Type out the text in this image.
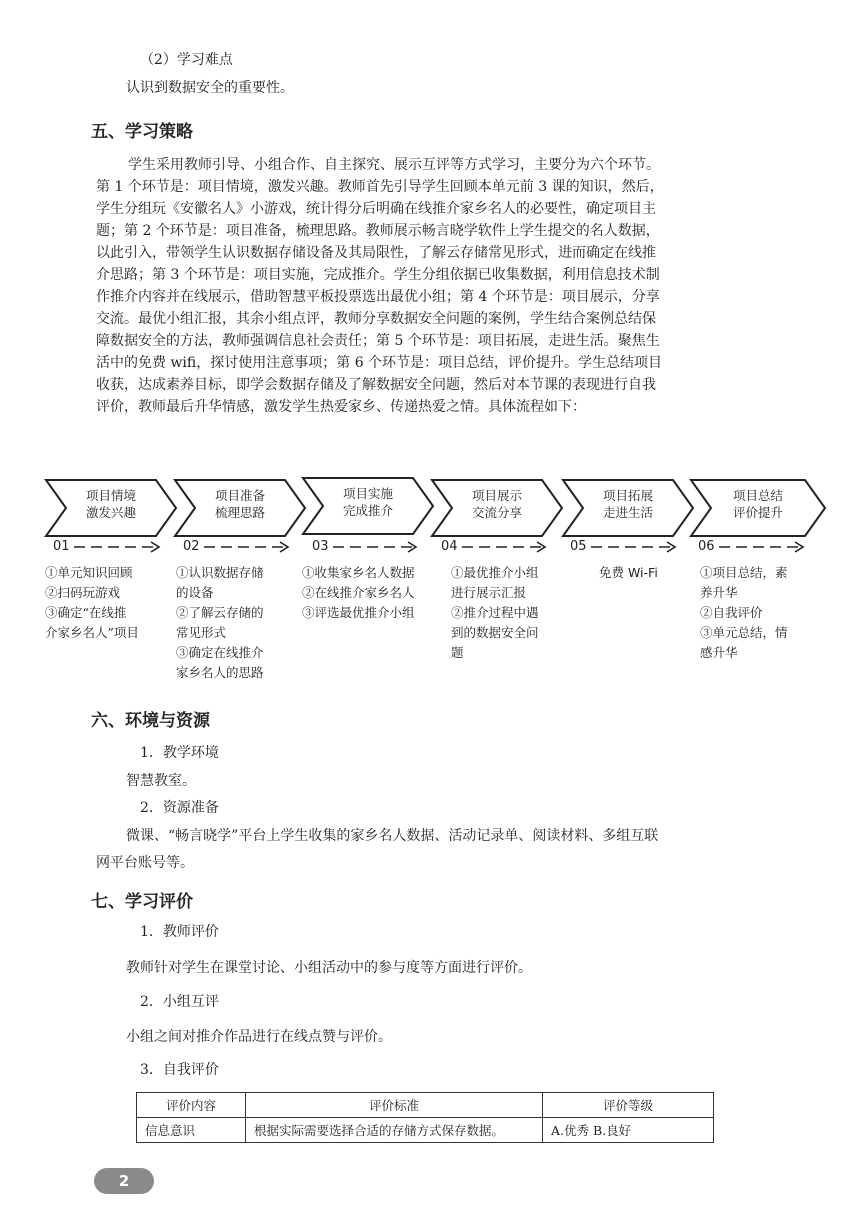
（2）学习难点
认识到数据安全的重要性。
五、学习策略
学生采用教师引导、小组合作、自主探究、展示互评等方式学习，主要分为六个环节。
第 1 个环节是：项目情境，激发兴趣。教师首先引导学生回顾本单元前 3 课的知识，然后，
学生分组玩《安徽名人》小游戏，统计得分后明确在线推介家乡名人的必要性，确定项目主
题；第 2 个环节是：项目准备，梳理思路。教师展示畅言晓学软件上学生提交的名人数据，
以此引入，带领学生认识数据存储设备及其局限性，了解云存储常见形式，进而确定在线推
介思路；第 3 个环节是：项目实施，完成推介。学生分组依据已收集数据，利用信息技术制
作推介内容并在线展示，借助智慧平板投票选出最优小组；第 4 个环节是：项目展示，分享
交流。最优小组汇报，其余小组点评，教师分享数据安全问题的案例，学生结合案例总结保
障数据安全的方法，教师强调信息社会责任；第 5 个环节是：项目拓展，走进生活。聚焦生
活中的免费 wifi，探讨使用注意事项；第 6 个环节是：项目总结，评价提升。学生总结项目
收获，达成素养目标，即学会数据存储及了解数据安全问题，然后对本节课的表现进行自我
评价，教师最后升华情感，激发学生热爱家乡、传递热爱之情。具体流程如下：
项目情境
激发兴趣
项目准备
梳理思路
项目实施
完成推介
项目展示
交流分享
项目拓展
走进生活
项目总结
评价提升
01	02	03	04	05	06
①单元知识回顾
②扫码玩游戏
③确定“在线推
介家乡名人”项目
①认识数据存储
的设备
②了解云存储的
常见形式
③确定在线推介
家乡名人的思路
①收集家乡名人数据
②在线推介家乡名人
③评选最优推介小组
①最优推介小组
进行展示汇报
②推介过程中遇
到的数据安全问
题
免费 Wi-Fi	①项目总结，素
养升华
②自我评价
③单元总结，情
感升华
六、环境与资源
1．教学环境
智慧教室。
2．资源准备
微课、“畅言晓学”平台上学生收集的家乡名人数据、活动记录单、阅读材料、多组互联
网平台账号等。
七、学习评价
1．教师评价
教师针对学生在课堂讨论、小组活动中的参与度等方面进行评价。
2．小组互评
小组之间对推介作品进行在线点赞与评价。
3．自我评价
评价内容	评价标准	评价等级
信息意识	根据实际需要选择合适的存储方式保存数据。	A.优秀 B.良好
2
